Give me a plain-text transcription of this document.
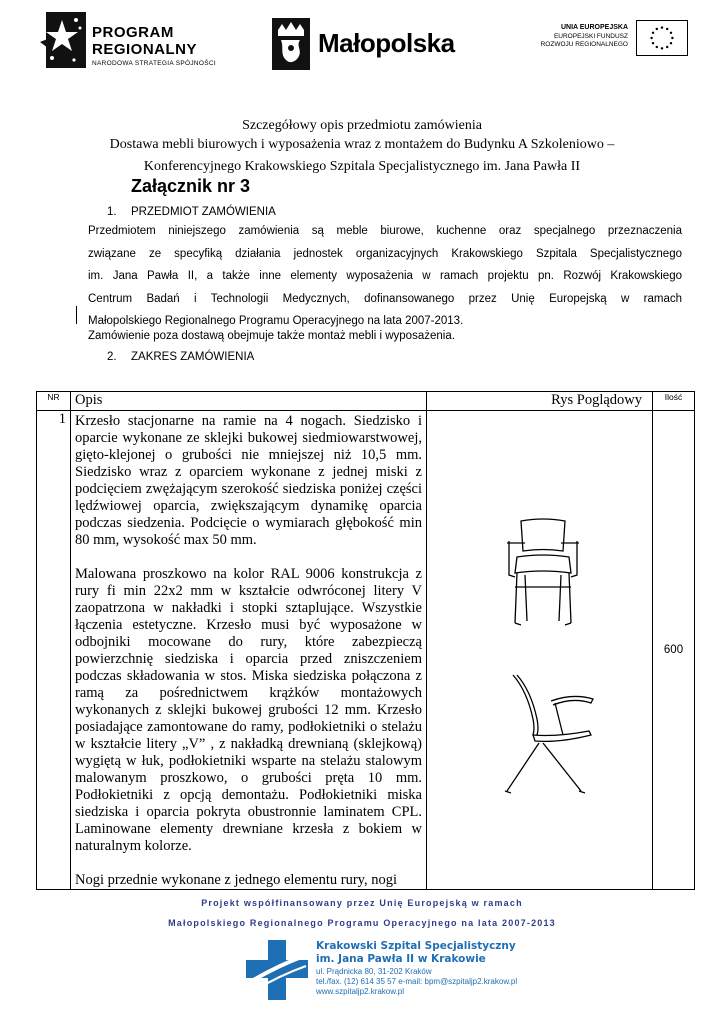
PROGRAM
REGIONALNY
NARODOWA STRATEGIA SPÓJNOŚCI
Małopolska
UNIA EUROPEJSKA
EUROPEJSKI FUNDUSZ
ROZWOJU REGIONALNEGO
Szczegółowy opis przedmiotu zamówienia
Dostawa mebli biurowych i wyposażenia wraz z montażem do Budynku A Szkoleniowo –
Konferencyjnego Krakowskiego Szpitala Specjalistycznego im. Jana Pawła II
Załącznik nr 3
1. PRZEDMIOT ZAMÓWIENIA
Przedmiotem niniejszego zamówienia są meble biurowe, kuchenne oraz specjalnego przeznaczenia
związane ze specyfiką działania jednostek organizacyjnych Krakowskiego Szpitala Specjalistycznego
im. Jana Pawła II, a także inne elementy wyposażenia w ramach projektu pn. Rozwój Krakowskiego
Centrum Badań i Technologii Medycznych, dofinansowanego przez Unię Europejską w ramach
Małopolskiego Regionalnego Programu Operacyjnego na lata 2007-2013.
Zamówienie poza dostawą obejmuje także montaż mebli i wyposażenia.
2. ZAKRES ZAMÓWIENIA
NR	Opis	Rys Poglądowy	Ilość
1	Krzesło stacjonarne na ramie na 4 nogach. Siedzisko i oparcie wykonane ze sklejki bukowej siedmiowarstwowej, gięto-klejonej o grubości nie mniejszej niż 10,5 mm. Siedzisko wraz z oparciem wykonane z jednej miski z podcięciem zwężającym szerokość siedziska poniżej części lędźwiowej oparcia, zwiększającym dynamikę oparcia podczas siedzenia. Podcięcie o wymiarach głębokość min 80 mm, wysokość max 50 mm.

Malowana proszkowo na kolor RAL 9006 konstrukcja z rury fi min 22x2 mm w kształcie odwróconej litery V zaopatrzona w nakładki i stopki sztaplujące. Wszystkie łączenia estetyczne. Krzesło musi być wyposażone w odbojniki mocowane do rury, które zabezpieczą powierzchnię siedziska i oparcia przed zniszczeniem podczas składowania w stos. Miska siedziska połączona z ramą za pośrednictwem krążków montażowych wykonanych z sklejki bukowej grubości 12 mm. Krzesło posiadające zamontowane do ramy, podłokietniki o stelażu w kształcie litery „V” , z nakładką drewnianą (sklejkową) wygiętą w łuk, podłokietniki wsparte na stelażu stalowym malowanym proszkowo, o grubości pręta 10 mm. Podłokietniki z opcją demontażu. Podłokietniki miska siedziska i oparcia pokryta obustronnie laminatem CPL. Laminowane elementy drewniane krzesła z bokiem w naturalnym kolorze.

Nogi przednie wykonane z jednego elementu rury, nogi		600
Projekt współfinansowany przez Unię Europejską w ramach
Małopolskiego Regionalnego Programu Operacyjnego na lata 2007-2013
Krakowski Szpital Specjalistyczny
im. Jana Pawła II w Krakowie
ul. Prądnicka 80, 31-202 Kraków
tel./fax. (12) 614 35 57 e-mail: bpm@szpitaljp2.krakow.pl
www.szpitaljp2.krakow.pl
